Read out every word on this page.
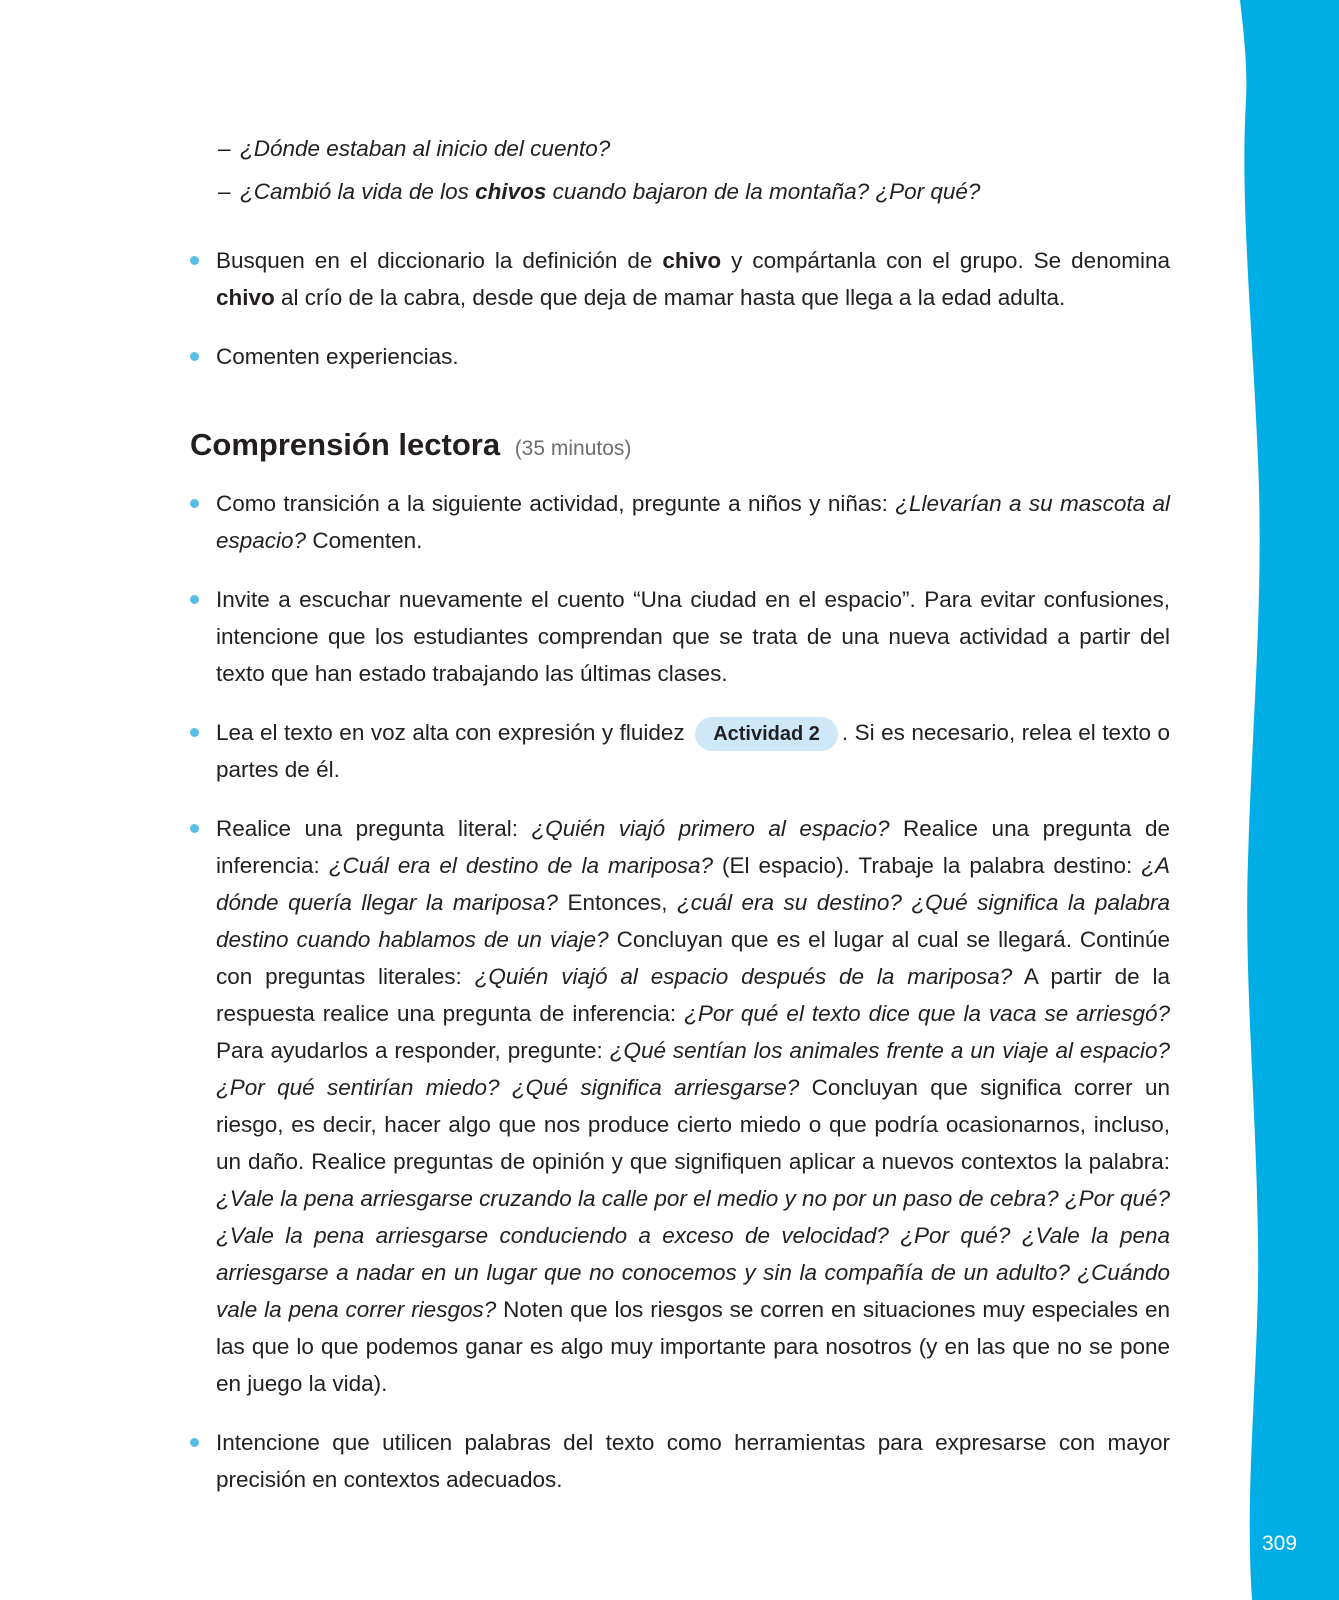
309
– ¿Dónde estaban al inicio del cuento?
– ¿Cambió la vida de los chivos cuando bajaron de la montaña? ¿Por qué?
Busquen en el diccionario la definición de chivo y compártanla con el grupo. Se denomina chivo al crío de la cabra, desde que deja de mamar hasta que llega a la edad adulta.
Comenten experiencias.
Comprensión lectora (35 minutos)
Como transición a la siguiente actividad, pregunte a niños y niñas: ¿Llevarían a su mascota al espacio? Comenten.
Invite a escuchar nuevamente el cuento “Una ciudad en el espacio”. Para evitar confusiones, intencione que los estudiantes comprendan que se trata de una nueva actividad a partir del texto que han estado trabajando las últimas clases.
Lea el texto en voz alta con expresión y fluidez Actividad 2 . Si es necesario, relea el texto o partes de él.
Realice una pregunta literal: ¿Quién viajó primero al espacio? Realice una pregunta de inferencia: ¿Cuál era el destino de la mariposa? (El espacio). Trabaje la palabra destino: ¿A dónde quería llegar la mariposa? Entonces, ¿cuál era su destino? ¿Qué significa la palabra destino cuando hablamos de un viaje? Concluyan que es el lugar al cual se llegará. Continúe con preguntas literales: ¿Quién viajó al espacio después de la mariposa? A partir de la respuesta realice una pregunta de inferencia: ¿Por qué el texto dice que la vaca se arriesgó? Para ayudarlos a responder, pregunte: ¿Qué sentían los animales frente a un viaje al espacio? ¿Por qué sentirían miedo? ¿Qué significa arriesgarse? Concluyan que significa correr un riesgo, es decir, hacer algo que nos produce cierto miedo o que podría ocasionarnos, incluso, un daño. Realice preguntas de opinión y que signifiquen aplicar a nuevos contextos la palabra: ¿Vale la pena arriesgarse cruzando la calle por el medio y no por un paso de cebra? ¿Por qué? ¿Vale la pena arriesgarse conduciendo a exceso de velocidad? ¿Por qué? ¿Vale la pena arriesgarse a nadar en un lugar que no conocemos y sin la compañía de un adulto? ¿Cuándo vale la pena correr riesgos? Noten que los riesgos se corren en situaciones muy especiales en las que lo que podemos ganar es algo muy importante para nosotros (y en las que no se pone en juego la vida).
Intencione que utilicen palabras del texto como herramientas para expresarse con mayor precisión en contextos adecuados.
